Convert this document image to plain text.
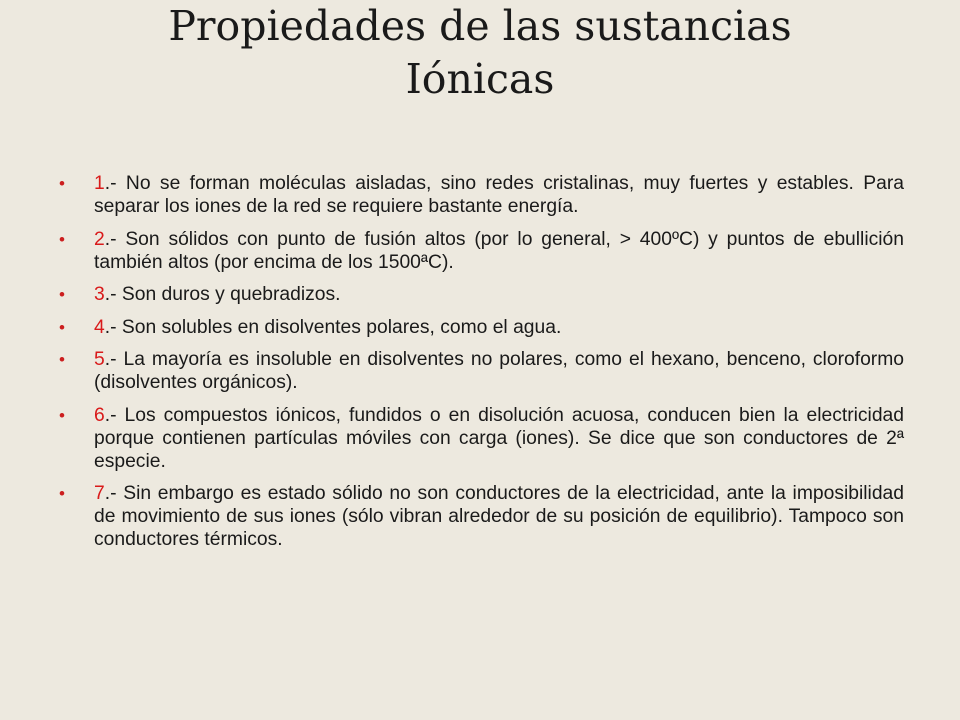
Propiedades de las sustancias
Iónicas
• 1.- No se forman moléculas aisladas, sino redes cristalinas, muy fuertes y estables. Para separar los iones de la red se requiere bastante energía.
• 2.- Son sólidos con punto de fusión altos (por lo general, > 400ºC) y puntos de ebullición también altos (por encima de los 1500ªC).
• 3.- Son duros y quebradizos.
• 4.- Son solubles en disolventes polares, como el agua.
• 5.- La mayoría es insoluble en disolventes no polares, como el hexano, benceno, cloroformo (disolventes orgánicos).
• 6.- Los compuestos iónicos, fundidos o en disolución acuosa, conducen bien la electricidad porque contienen partículas móviles con carga (iones). Se dice que son conductores de 2ª especie.
• 7.- Sin embargo es estado sólido no son conductores de la electricidad, ante la imposibilidad de movimiento de sus iones (sólo vibran alrededor de su posición de equilibrio). Tampoco son conductores térmicos.
